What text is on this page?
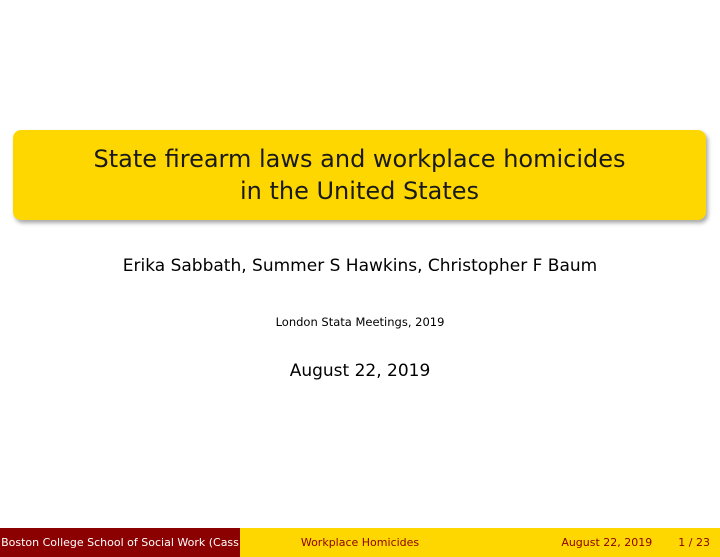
State firearm laws and workplace homicides
in the United States
Erika Sabbath, Summer S Hawkins, Christopher F Baum
London Stata Meetings, 2019
August 22, 2019
Boston College School of Social Work (Cass	Workplace Homicides	August 22, 2019 1 / 23
